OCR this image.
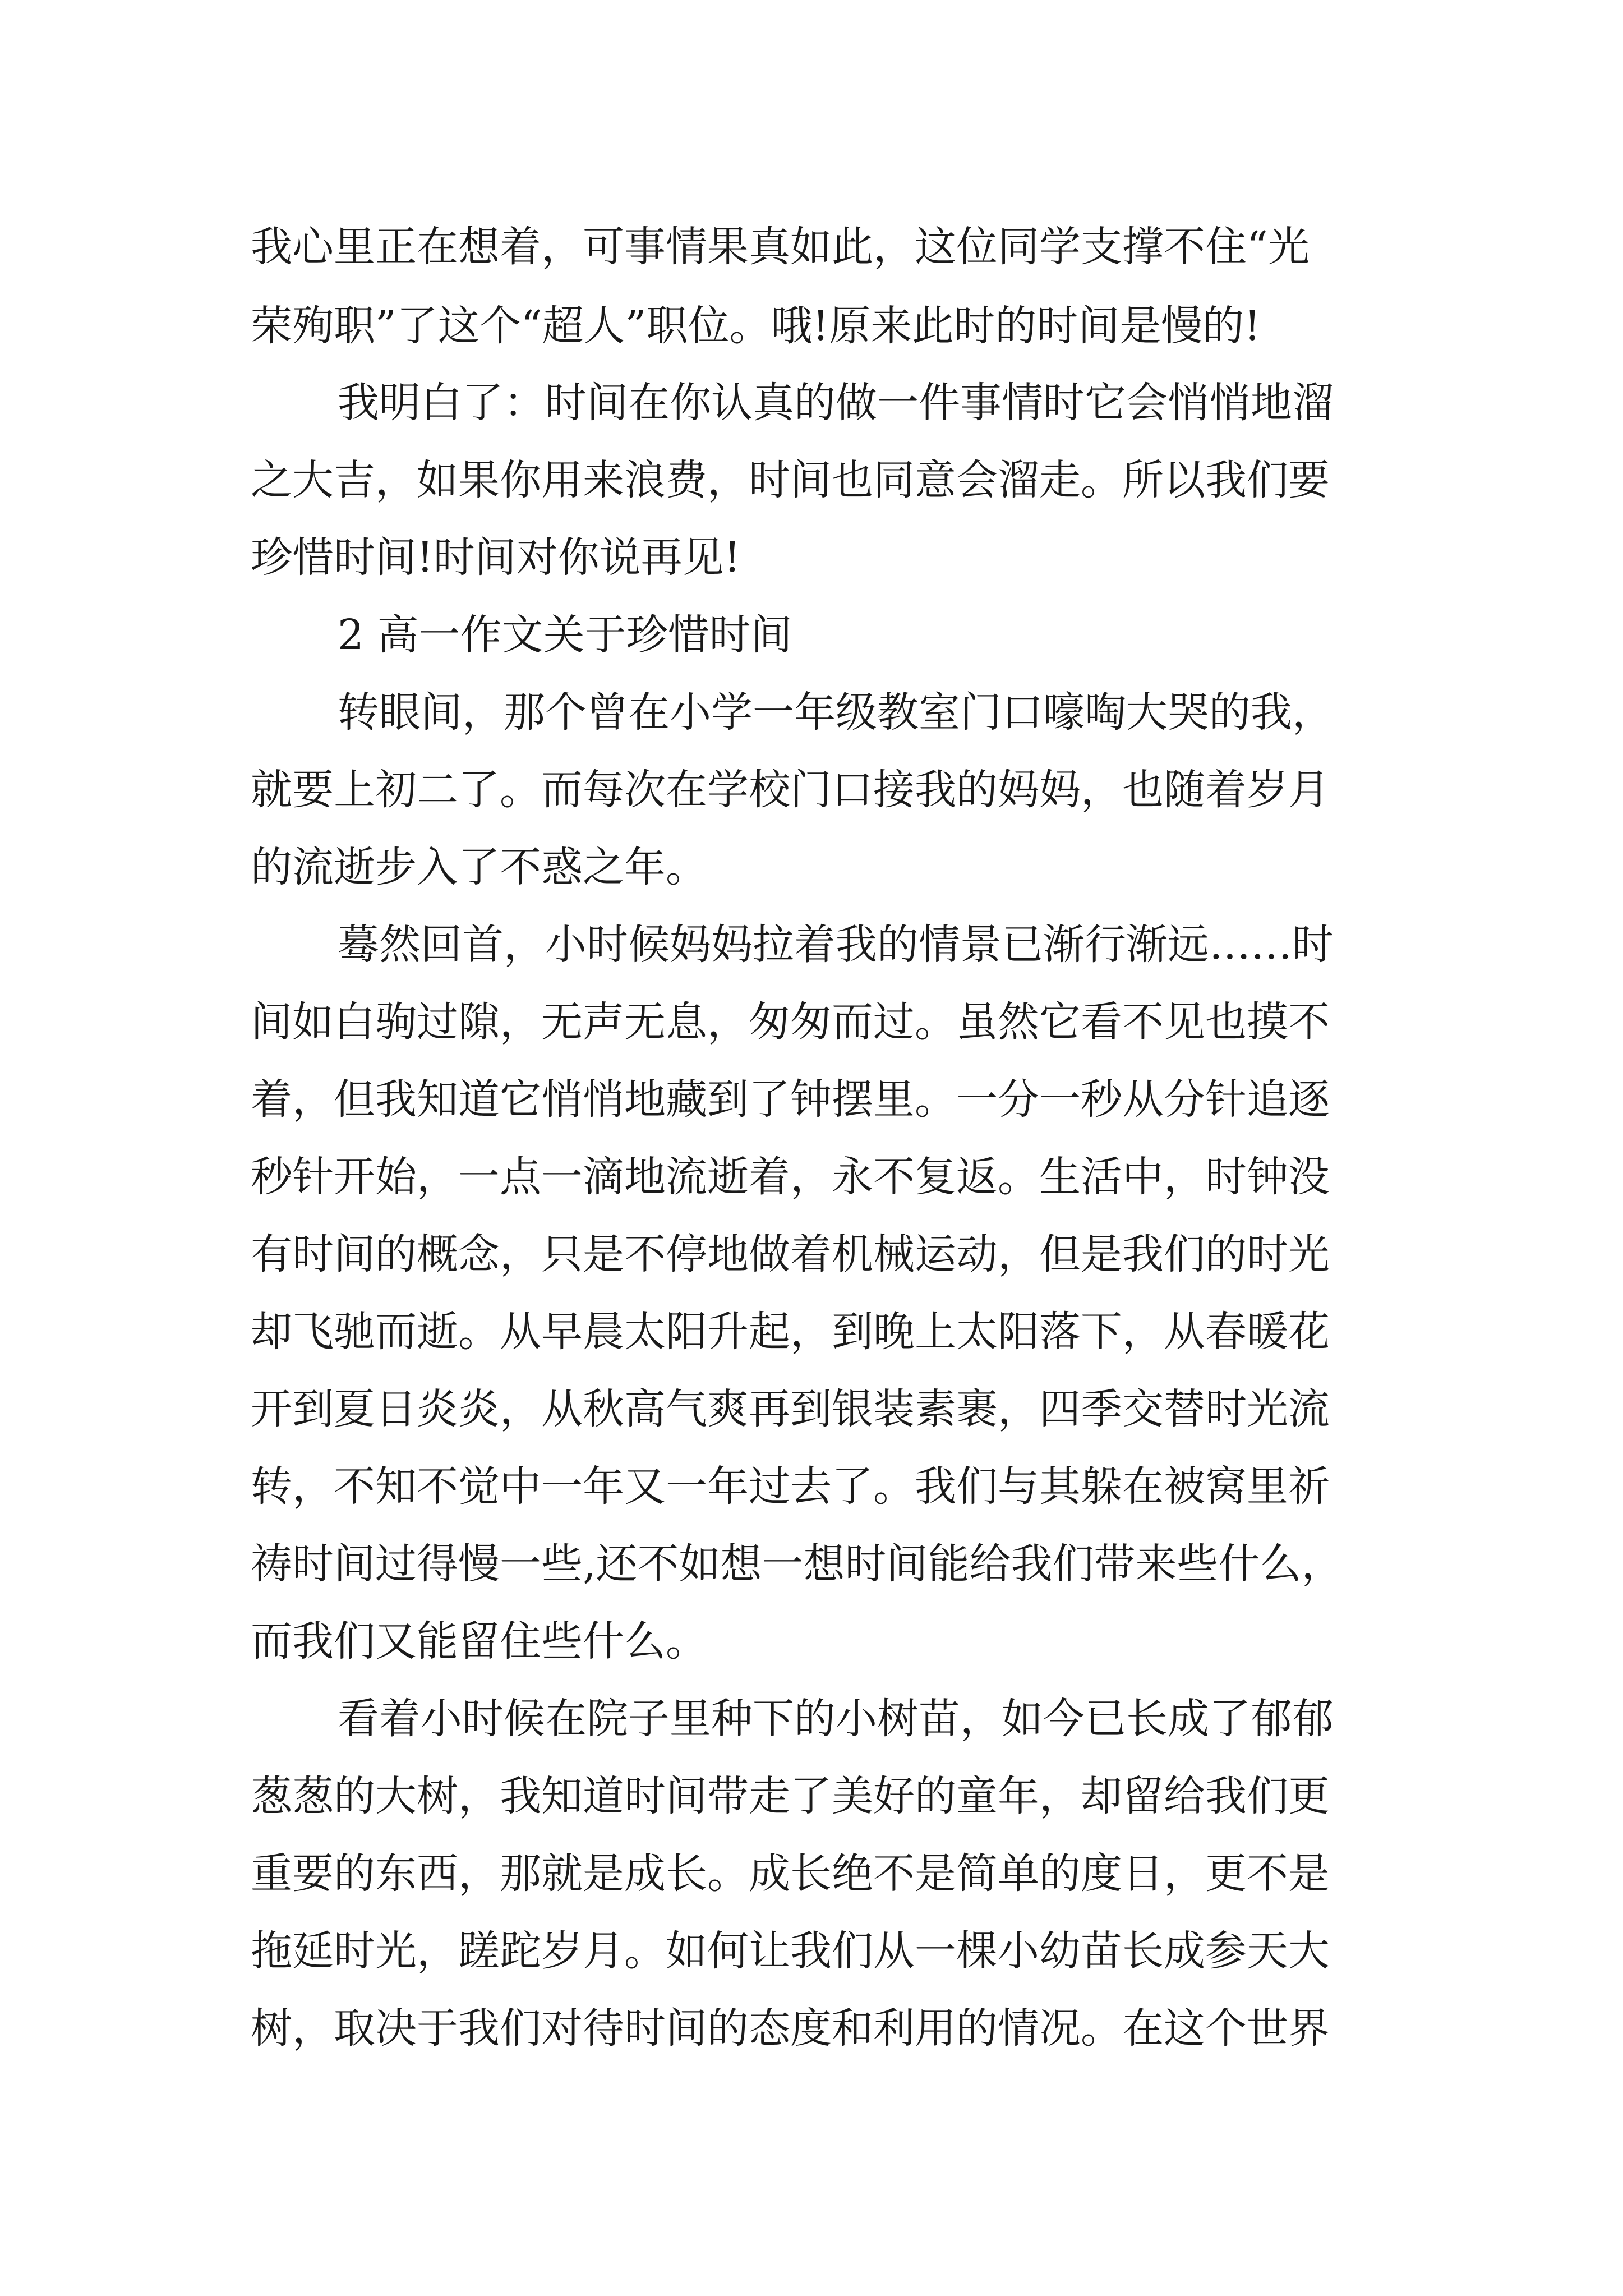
我心里正在想着，可事情果真如此，这位同学支撑不住“光
荣殉职”了这个“超人”职位。哦!原来此时的时间是慢的!
我明白了：时间在你认真的做一件事情时它会悄悄地溜
之大吉，如果你用来浪费，时间也同意会溜走。所以我们要
珍惜时间!时间对你说再见!
2 高一作文关于珍惜时间
转眼间，那个曾在小学一年级教室门口嚎啕大哭的我，
就要上初二了。而每次在学校门口接我的妈妈，也随着岁月
的流逝步入了不惑之年。
蓦然回首，小时候妈妈拉着我的情景已渐行渐远……时
间如白驹过隙，无声无息，匆匆而过。虽然它看不见也摸不
着，但我知道它悄悄地藏到了钟摆里。一分一秒从分针追逐
秒针开始，一点一滴地流逝着，永不复返。生活中，时钟没
有时间的概念，只是不停地做着机械运动，但是我们的时光
却飞驰而逝。从早晨太阳升起，到晚上太阳落下，从春暖花
开到夏日炎炎，从秋高气爽再到银装素裹，四季交替时光流
转，不知不觉中一年又一年过去了。我们与其躲在被窝里祈
祷时间过得慢一些,还不如想一想时间能给我们带来些什么，
而我们又能留住些什么。
看着小时候在院子里种下的小树苗，如今已长成了郁郁
葱葱的大树，我知道时间带走了美好的童年，却留给我们更
重要的东西，那就是成长。成长绝不是简单的度日，更不是
拖延时光，蹉跎岁月。如何让我们从一棵小幼苗长成参天大
树，取决于我们对待时间的态度和利用的情况。在这个世界
